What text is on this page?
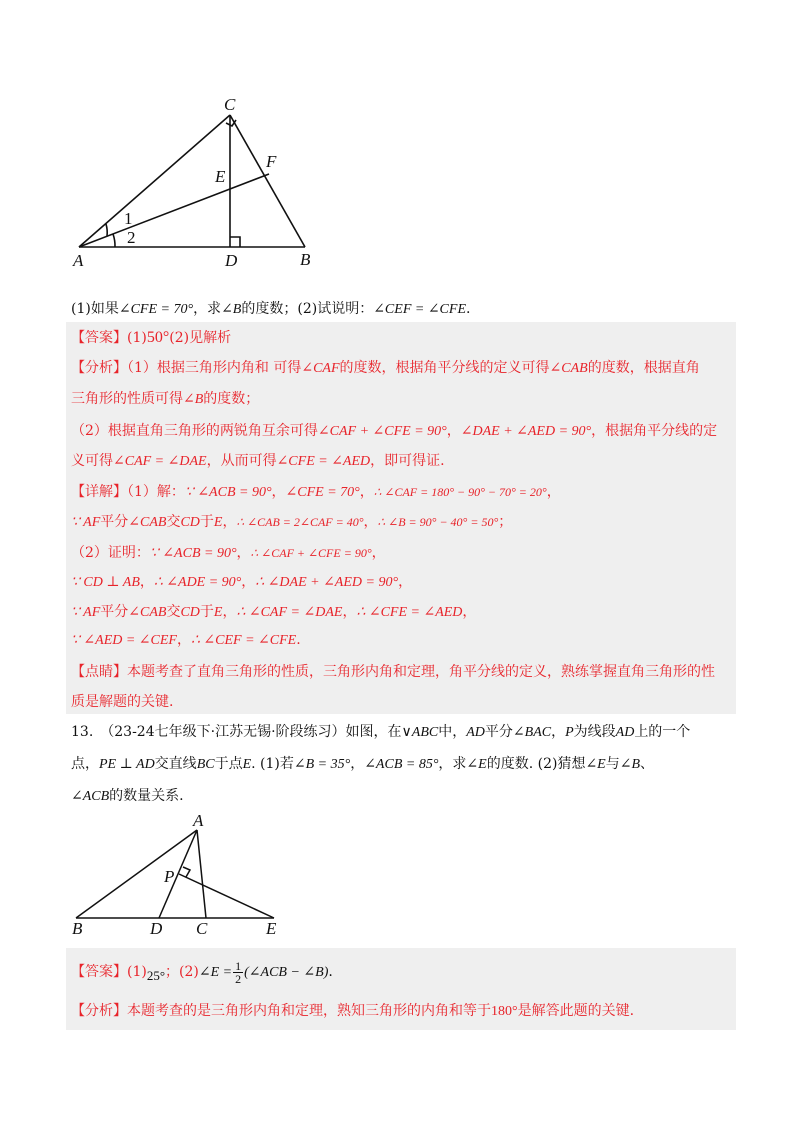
C
F
E
1
2
A	D	B
(1)如果∠CFE = 70°，求∠B的度数；(2)试说明：∠CEF = ∠CFE.
【答案】(1)50°(2)见解析
【分析】（1）根据三角形内角和 可得∠CAF的度数，根据角平分线的定义可得∠CAB的度数，根据直角
三角形的性质可得∠B的度数；
（2）根据直角三角形的两锐角互余可得∠CAF + ∠CFE = 90°，∠DAE + ∠AED = 90°，根据角平分线的定
义可得∠CAF = ∠DAE，从而可得∠CFE = ∠AED，即可得证.
【详解】（1）解：∵ ∠ACB = 90°，∠CFE = 70°，∴ ∠CAF = 180° − 90° − 70° = 20°，
∵ AF平分∠CAB交CD于E，∴ ∠CAB = 2∠CAF = 40°，∴ ∠B = 90° − 40° = 50°；
（2）证明：∵ ∠ACB = 90°，∴ ∠CAF + ∠CFE = 90°，
∵ CD ⊥ AB，∴ ∠ADE = 90°，∴ ∠DAE + ∠AED = 90°，
∵ AF平分∠CAB交CD于E，∴ ∠CAF = ∠DAE，∴ ∠CFE = ∠AED，
∵ ∠AED = ∠CEF，∴ ∠CEF = ∠CFE.
【点睛】本题考查了直角三角形的性质，三角形内角和定理，角平分线的定义，熟练掌握直角三角形的性
质是解题的关键.
13.　（23-24七年级下·江苏无锡·阶段练习）如图，在∨ABC中，AD平分∠BAC，P为线段AD上的一个
点，PE ⊥ AD交直线BC于点E. (1)若∠B = 35°，∠ACB = 85°，求∠E的度数. (2)猜想∠E与∠B、
∠ACB的数量关系.
A
P
B	D C	E
【答案】(1)25°；(2)∠E = $\frac{1}{2}$ (∠ACB − ∠B).
【分析】本题考查的是三角形内角和定理，熟知三角形的内角和等于180°是解答此题的关键.
